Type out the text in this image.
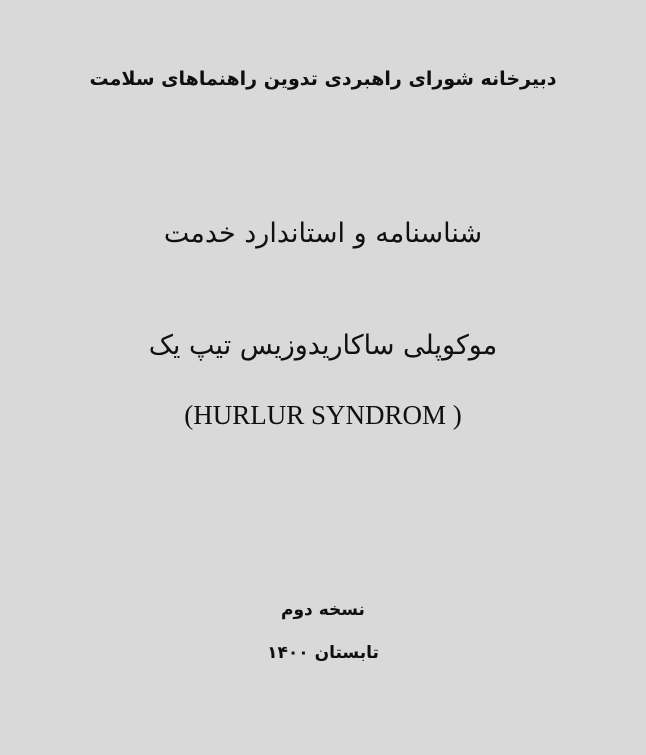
دبیرخانه شورای راهبردی تدوین راهنماهای سلامت
شناسنامه و استاندارد خدمت
موکوپلی ساکاریدوزیس تیپ یک
(HURLUR SYNDROM )
نسخه دوم
تابستان ۱۴۰۰
